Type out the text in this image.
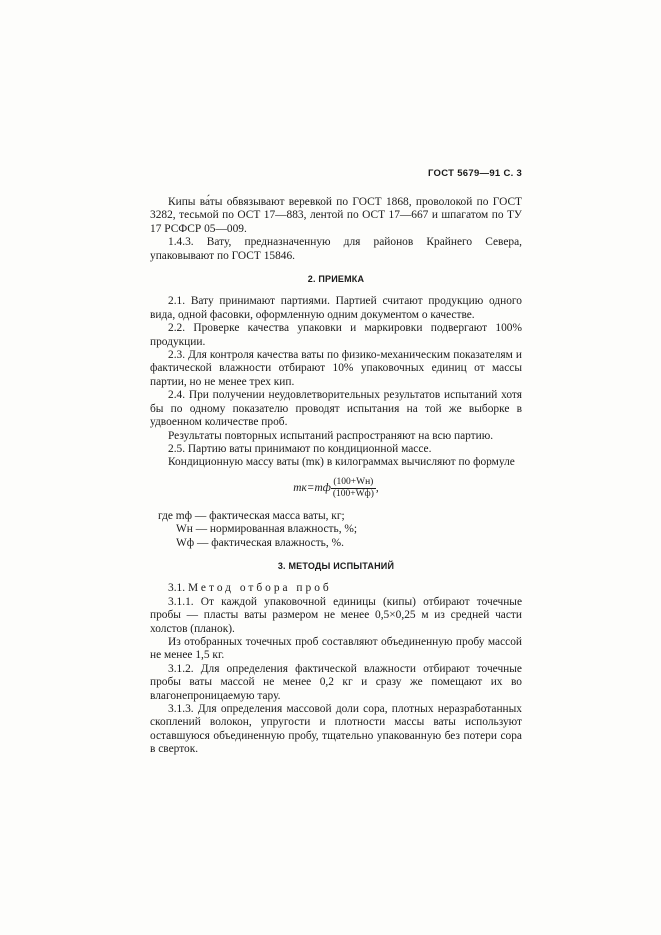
ГОСТ 5679—91 С. 3

Кипы ва́ты обвязывают веревкой по ГОСТ 1868, проволокой по ГОСТ 3282, тесьмой по ОСТ 17—883, лентой по ОСТ 17—667 и шпагатом по ТУ 17 РСФСР 05—009.

1.4.3. Вату, предназначенную для районов Крайнего Севера, упаковывают по ГОСТ 15846.

2. ПРИЕМКА

2.1. Вату принимают партиями. Партией считают продукцию одного вида, одной фасовки, оформленную одним документом о качестве.

2.2. Проверке качества упаковки и маркировки подвергают 100% продукции.

2.3. Для контроля качества ваты по физико-механическим показателям и фактической влажности отбирают 10% упаковочных единиц от массы партии, но не менее трех кип.

2.4. При получении неудовлетворительных результатов испытаний хотя бы по одному показателю проводят испытания на той же выборке в удвоенном количестве проб.

Результаты повторных испытаний распространяют на всю партию.

2.5. Партию ваты принимают по кондиционной массе.

Кондиционную массу ваты (mк) в килограммах вычисляют по формуле

$mк=mф \frac{(100+Wн)}{(100+Wф)}$ ,
где mф — фактическая масса ваты, кг;
Wн — нормированная влажность, %;
Wф — фактическая влажность, %.
3. МЕТОДЫ ИСПЫТАНИЙ

3.1. Метод отбора проб

3.1.1. От каждой упаковочной единицы (кипы) отбирают точечные пробы — пласты ваты размером не менее 0,5×0,25 м из средней части холстов (планок).

Из отобранных точечных проб составляют объединенную пробу массой не менее 1,5 кг.

3.1.2. Для определения фактической влажности отбирают точечные пробы ваты массой не менее 0,2 кг и сразу же помещают их во влагонепроницаемую тару.

3.1.3. Для определения массовой доли сора, плотных неразработанных скоплений волокон, упругости и плотности массы ваты используют оставшуюся объединенную пробу, тщательно упакованную без потери сора в сверток.
